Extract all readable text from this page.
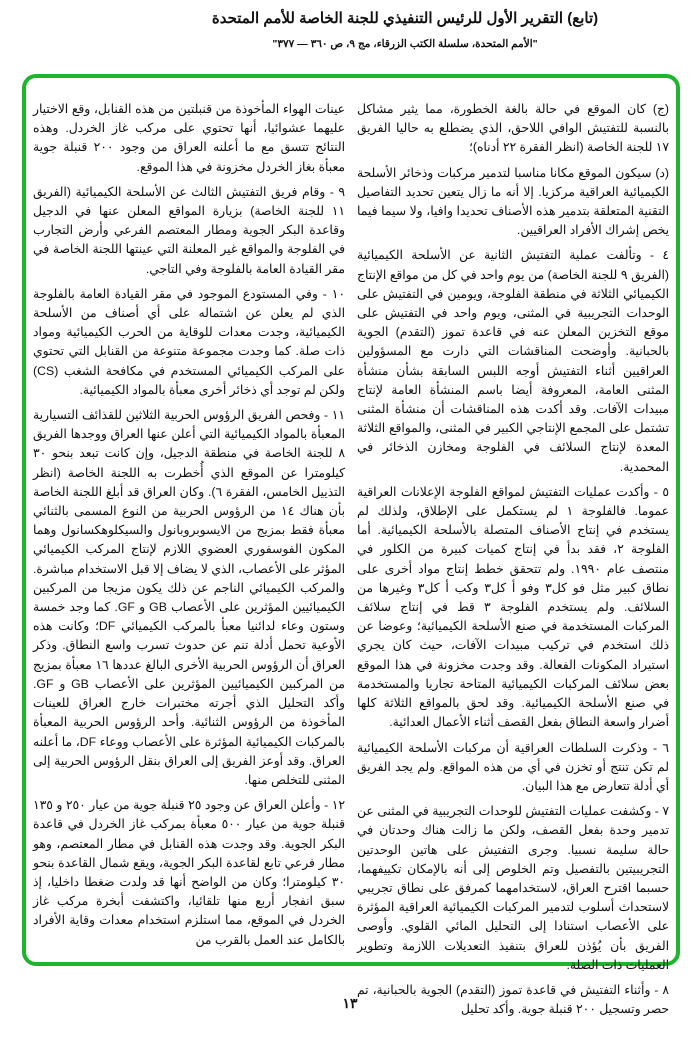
(تابع) التقرير الأول للرئيس التنفيذي للجنة الخاصة للأمم المتحدة
"الأمم المتحدة، سلسلة الكتب الزرقاء، مج ٩، ص ٣٦٠ — ٣٧٧"

(ج) كان الموقع في حالة بالغة الخطورة، مما يثير مشاكل بالنسبة للتفتيش الوافي اللاحق، الذي يضطلع به حاليا الفريق ١٧ للجنة الخاصة (انظر الفقرة ٢٢ أدناه)؛

(د) سيكون الموقع مكانا مناسبا لتدمير مركبات وذخائر الأسلحة الكيميائية العراقية مركزيا. إلا أنه ما زال يتعين تحديد التفاصيل التقنية المتعلقة بتدمير هذه الأصناف تحديدا وافيا، ولا سيما فيما يخص إشراك الأفراد العراقيين.

٤ - وتألفت عملية التفتيش الثانية عن الأسلحة الكيميائية (الفريق ٩ للجنة الخاصة) من يوم واحد في كل من مواقع الإنتاج الكيميائي الثلاثة في منطقة الفلوجة، ويومين في التفتيش على الوحدات التجريبية في المثنى، ويوم واحد في التفتيش على موقع التخزين المعلن عنه في قاعدة تموز (التقدم) الجوية بالحبانية. وأوضحت المناقشات التي دارت مع المسؤولين العراقيين أثناء التفتيش أوجه اللبس السابقة بشأن منشأة المثنى العامة، المعروفة أيضا باسم المنشأة العامة لإنتاج مبيدات الآفات. وقد أكدت هذه المناقشات أن منشأة المثنى تشتمل على المجمع الإنتاجي الكبير في المثنى، والمواقع الثلاثة المعدة لإنتاج السلائف في الفلوجة ومخازن الذخائر في المحمدية.

٥ - وأكدت عمليات التفتيش لمواقع الفلوجة الإعلانات العراقية عموما. فالفلوجة ١ لم يستكمل على الإطلاق، ولذلك لم يستخدم في إنتاج الأصناف المتصلة بالأسلحة الكيميائية. أما الفلوجة ٢، فقد بدأ في إنتاج كميات كبيرة من الكلور في منتصف عام ١٩٩٠. ولم تتحقق خطط إنتاج مواد أخرى على نطاق كبير مثل فو كل٣ وفو أ كل٣ وكب أ كل٣ وغيرها من السلائف. ولم يستخدم الفلوجة ٣ قط في إنتاج سلائف المركبات المستخدمة في صنع الأسلحة الكيميائية؛ وعوضا عن ذلك استخدم في تركيب مبيدات الآفات، حيث كان يجري استيراد المكونات الفعالة. وقد وجدت مخزونة في هذا الموقع بعض سلائف المركبات الكيميائية المتاحة تجاريا والمستخدمة في صنع الأسلحة الكيميائية. وقد لحق بالمواقع الثلاثة كلها أضرار واسعة النطاق بفعل القصف أثناء الأعمال العدائية.

٦ - وذكرت السلطات العراقية أن مركبات الأسلحة الكيميائية لم تكن تنتج أو تخزن في أي من هذه المواقع. ولم يجد الفريق أي أدلة تتعارض مع هذا البيان.

٧ - وكشفت عمليات التفتيش للوحدات التجريبية في المثنى عن تدمير وحدة بفعل القصف، ولكن ما زالت هناك وحدتان في حالة سليمة نسبيا. وجرى التفتيش على هاتين الوحدتين التجريبيتين بالتفصيل وتم الخلوص إلى أنه بالإمكان تكييفهما، حسبما اقترح العراق، لاستخدامهما كمرفق على نطاق تجريبي لاستحداث أسلوب لتدمير المركبات الكيميائية العراقية المؤثرة على الأعصاب استنادا إلى التحليل المائي القلوي. وأوصى الفريق بأن يُؤذن للعراق بتنفيذ التعديلات اللازمة وتطوير العمليات ذات الصلة.

٨ - وأثناء التفتيش في قاعدة تموز (التقدم) الجوية بالحبانية، تم حصر وتسجيل ٢٠٠ قنبلة جوية. وأكد تحليل

عينات الهواء المأخوذة من قنبلتين من هذه القنابل، وقع الاختيار عليهما عشوائيا، أنها تحتوي على مركب غاز الخردل. وهذه النتائج تتسق مع ما أعلنه العراق من وجود ٢٠٠ قنبلة جوية معبأة بغاز الخردل مخزونة في هذا الموقع.

٩ - وقام فريق التفتيش الثالث عن الأسلحة الكيميائية (الفريق ١١ للجنة الخاصة) بزيارة المواقع المعلن عنها في الدجيل وقاعدة البكر الجوية ومطار المعتصم الفرعي وأرض التجارب في الفلوجة والمواقع غير المعلنة التي عينتها اللجنة الخاصة في مقر القيادة العامة بالفلوجة وفي التاجي.

١٠ - وفي المستودع الموجود في مقر القيادة العامة بالفلوجة الذي لم يعلن عن اشتماله على أي أصناف من الأسلحة الكيميائية، وجدت معدات للوقاية من الحرب الكيميائية ومواد ذات صلة. كما وجدت مجموعة متنوعة من القنابل التي تحتوي على المركب الكيميائي المستخدم في مكافحة الشغب (CS) ولكن لم توجد أي ذخائر أخرى معبأة بالمواد الكيميائية.

١١ - وفحص الفريق الرؤوس الحربية الثلاثين للقذائف التسيارية المعبأة بالمواد الكيميائية التي أعلن عنها العراق ووجدها الفريق ٨ للجنة الخاصة في منطقة الدجيل، وإن كانت تبعد بنحو ٣٠ كيلومترا عن الموقع الذي أُخطرت به اللجنة الخاصة (انظر التذييل الخامس، الفقرة ٦). وكان العراق قد أبلغ اللجنة الخاصة بأن هناك ١٤ من الرؤوس الحربية من النوع المسمى بالثنائي معبأة فقط بمزيج من الايسوبروبانول والسيكلوهكسانول وهما المكون الفوسفوري العضوي اللازم لإنتاج المركب الكيميائي المؤثر على الأعصاب، الذي لا يضاف إلا قبل الاستخدام مباشرة. والمركب الكيميائي الناجم عن ذلك يكون مزيجا من المركبين الكيميائيين المؤثرين على الأعصاب GB و GF. كما وجد خمسة وستون وعاء لدائنيا معبأ بالمركب الكيميائي DF؛ وكانت هذه الأوعية تحمل أدلة تنم عن حدوث تسرب واسع النطاق. وذكر العراق أن الرؤوس الحربية الأخرى البالغ عددها ١٦ معبأة بمزيج من المركبين الكيميائيين المؤثرين على الأعصاب GB و GF. وأكد التحليل الذي أجرته مختبرات خارج العراق للعينات المأخوذة من الرؤوس الثنائية. وأحد الرؤوس الحربية المعبأة بالمركبات الكيميائية المؤثرة على الأعصاب ووعاء DF، ما أعلنه العراق. وقد أوعز الفريق إلى العراق بنقل الرؤوس الحربية إلى المثنى للتخلص منها.

١٢ - وأعلن العراق عن وجود ٢٥ قنبلة جوية من عيار ٢٥٠ و ١٣٥ قنبلة جوية من عيار ٥٠٠ معبأة بمركب غاز الخردل في قاعدة البكر الجوية. وقد وجدت هذه القنابل في مطار المعتصم، وهو مطار فرعي تابع لقاعدة البكر الجوية، ويقع شمال القاعدة بنحو ٣٠ كيلومترا؛ وكان من الواضح أنها قد ولدت ضغطا داخليا، إذ سبق انفجار أربع منها تلقائيا، واكتشفت أبخرة مركب غاز الخردل في الموقع، مما استلزم استخدام معدات وقاية الأفراد بالكامل عند العمل بالقرب من

١٣
